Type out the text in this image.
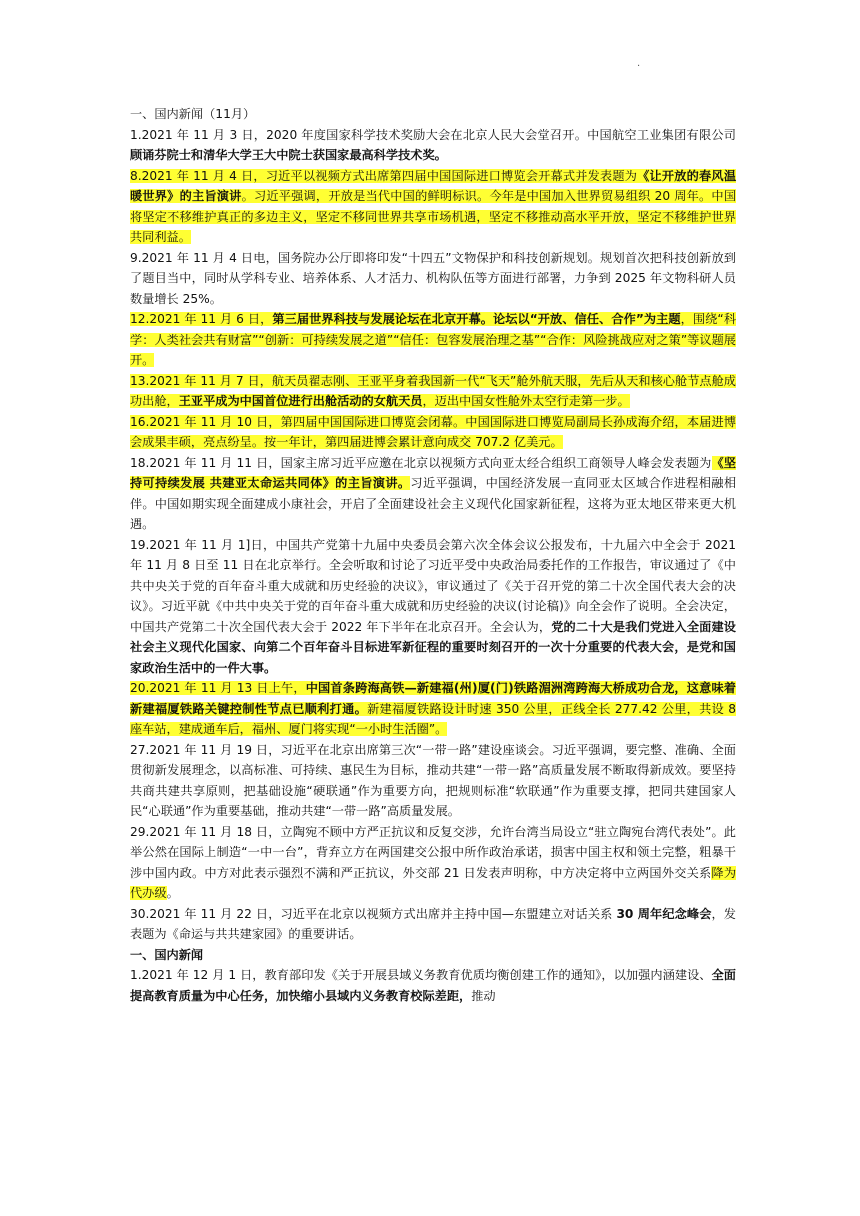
.

一、国内新闻（11月）

1.2021 年 11 月 3 日，2020 年度国家科学技术奖励大会在北京人民大会堂召开。中国航空工业集团有限公司顾诵芬院士和清华大学王大中院士获国家最高科学技术奖。

8.2021 年 11 月 4 日，习近平以视频方式出席第四届中国国际进口博览会开幕式并发表题为《让开放的春风温暖世界》的主旨演讲。习近平强调，开放是当代中国的鲜明标识。今年是中国加入世界贸易组织 20 周年。中国将坚定不移维护真正的多边主义，坚定不移同世界共享市场机遇，坚定不移推动高水平开放，坚定不移维护世界共同利益。

9.2021 年 11 月 4 日电，国务院办公厅即将印发“十四五”文物保护和科技创新规划。规划首次把科技创新放到了题目当中，同时从学科专业、培养体系、人才活力、机构队伍等方面进行部署，力争到 2025 年文物科研人员数量增长 25%。

12.2021 年 11 月 6 日，第三届世界科技与发展论坛在北京开幕。论坛以“开放、信任、合作”为主题，围绕“科学：人类社会共有财富”“创新：可持续发展之道”“信任：包容发展治理之基”“合作：风险挑战应对之策”等议题展开。

13.2021 年 11 月 7 日，航天员翟志刚、王亚平身着我国新一代“飞天”舱外航天服，先后从天和核心舱节点舱成功出舱，王亚平成为中国首位进行出舱活动的女航天员，迈出中国女性舱外太空行走第一步。

16.2021 年 11 月 10 日，第四届中国国际进口博览会闭幕。中国国际进口博览局副局长孙成海介绍，本届进博会成果丰硕，亮点纷呈。按一年计，第四届进博会累计意向成交 707.2 亿美元。

18.2021 年 11 月 11 日，国家主席习近平应邀在北京以视频方式向亚太经合组织工商领导人峰会发表题为《坚持可持续发展 共建亚太命运共同体》的主旨演讲。习近平强调，中国经济发展一直同亚太区域合作进程相融相伴。中国如期实现全面建成小康社会，开启了全面建设社会主义现代化国家新征程，这将为亚太地区带来更大机遇。

19.2021 年 11 月 1]日，中国共产党第十九届中央委员会第六次全体会议公报发布，十九届六中全会于 2021 年 11 月 8 日至 11 日在北京举行。全会听取和讨论了习近平受中央政治局委托作的工作报告，审议通过了《中共中央关于党的百年奋斗重大成就和历史经验的决议》，审议通过了《关于召开党的第二十次全国代表大会的决议》。习近平就《中共中央关于党的百年奋斗重大成就和历史经验的决议(讨论稿)》向全会作了说明。全会决定，中国共产党第二十次全国代表大会于 2022 年下半年在北京召开。全会认为，党的二十大是我们党进入全面建设社会主义现代化国家、向第二个百年奋斗目标进军新征程的重要时刻召开的一次十分重要的代表大会，是党和国家政治生活中的一件大事。

20.2021 年 11 月 13 日上午，中国首条跨海高铁—新建福(州)厦(门)铁路湄洲湾跨海大桥成功合龙，这意味着新建福厦铁路关键控制性节点已顺利打通。新建福厦铁路设计时速 350 公里，正线全长 277.42 公里，共设 8 座车站，建成通车后，福州、厦门将实现“一小时生活圈”。

27.2021 年 11 月 19 日，习近平在北京出席第三次“一带一路”建设座谈会。习近平强调，要完整、准确、全面贯彻新发展理念，以高标准、可持续、惠民生为目标，推动共建“一带一路”高质量发展不断取得新成效。要坚持共商共建共享原则，把基础设施“硬联通”作为重要方向，把规则标准“软联通”作为重要支撑，把同共建国家人民“心联通”作为重要基础，推动共建“一带一路”高质量发展。

29.2021 年 11 月 18 日，立陶宛不顾中方严正抗议和反复交涉，允许台湾当局设立“驻立陶宛台湾代表处”。此举公然在国际上制造“一中一台”，背弃立方在两国建交公报中所作政治承诺，损害中国主权和领土完整，粗暴干涉中国内政。中方对此表示强烈不满和严正抗议，外交部 21 日发表声明称，中方决定将中立两国外交关系降为代办级。

30.2021 年 11 月 22 日，习近平在北京以视频方式出席并主持中国—东盟建立对话关系 30 周年纪念峰会，发表题为《命运与共共建家园》的重要讲话。

一、国内新闻

1.2021 年 12 月 1 日，教育部印发《关于开展县域义务教育优质均衡创建工作的通知》，以加强内涵建设、全面提高教育质量为中心任务，加快缩小县域内义务教育校际差距，推动
